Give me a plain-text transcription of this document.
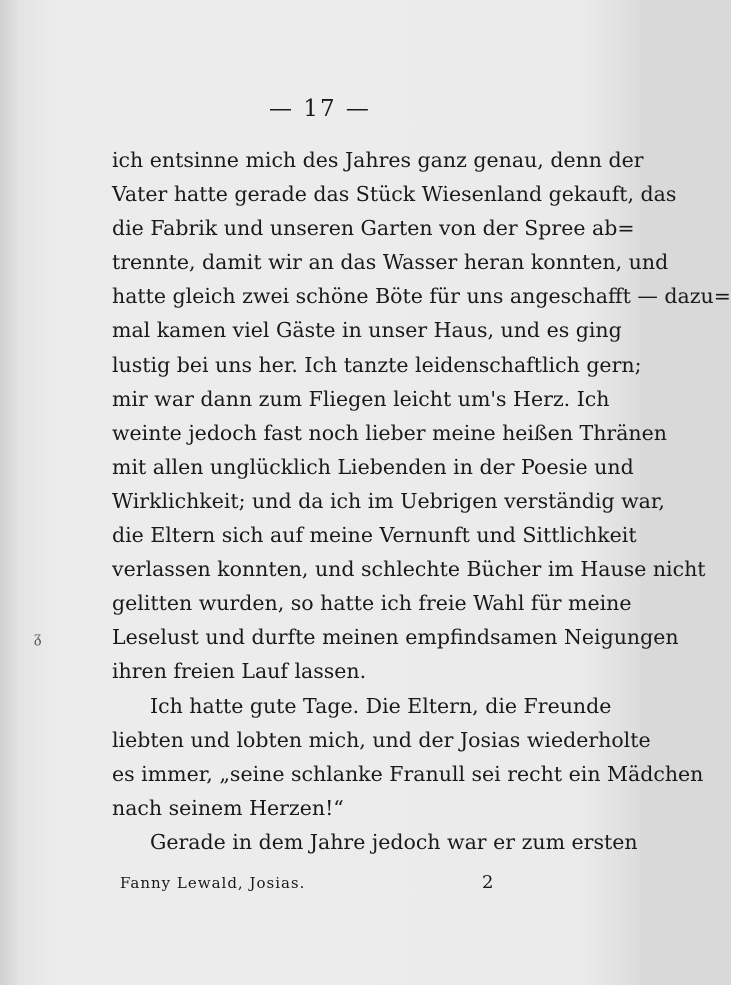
— 17 —
ich entsinne mich des Jahres ganz genau, denn der
Vater hatte gerade das Stück Wiesenland gekauft, das
die Fabrik und unseren Garten von der Spree ab=
trennte, damit wir an das Wasser heran konnten, und
hatte gleich zwei schöne Böte für uns angeschafft — dazu=
mal kamen viel Gäste in unser Haus, und es ging
lustig bei uns her. Ich tanzte leidenschaftlich gern;
mir war dann zum Fliegen leicht um's Herz. Ich
weinte jedoch fast noch lieber meine heißen Thränen
mit allen unglücklich Liebenden in der Poesie und
Wirklichkeit; und da ich im Uebrigen verständig war,
die Eltern sich auf meine Vernunft und Sittlichkeit
verlassen konnten, und schlechte Bücher im Hause nicht
gelitten wurden, so hatte ich freie Wahl für meine
Leselust und durfte meinen empfindsamen Neigungen
ihren freien Lauf lassen.
Ich hatte gute Tage. Die Eltern, die Freunde
liebten und lobten mich, und der Josias wiederholte
es immer, „seine schlanke Franull sei recht ein Mädchen
nach seinem Herzen!“
Gerade in dem Jahre jedoch war er zum ersten
Fanny Lewald, Josias.	2
ᵹ
